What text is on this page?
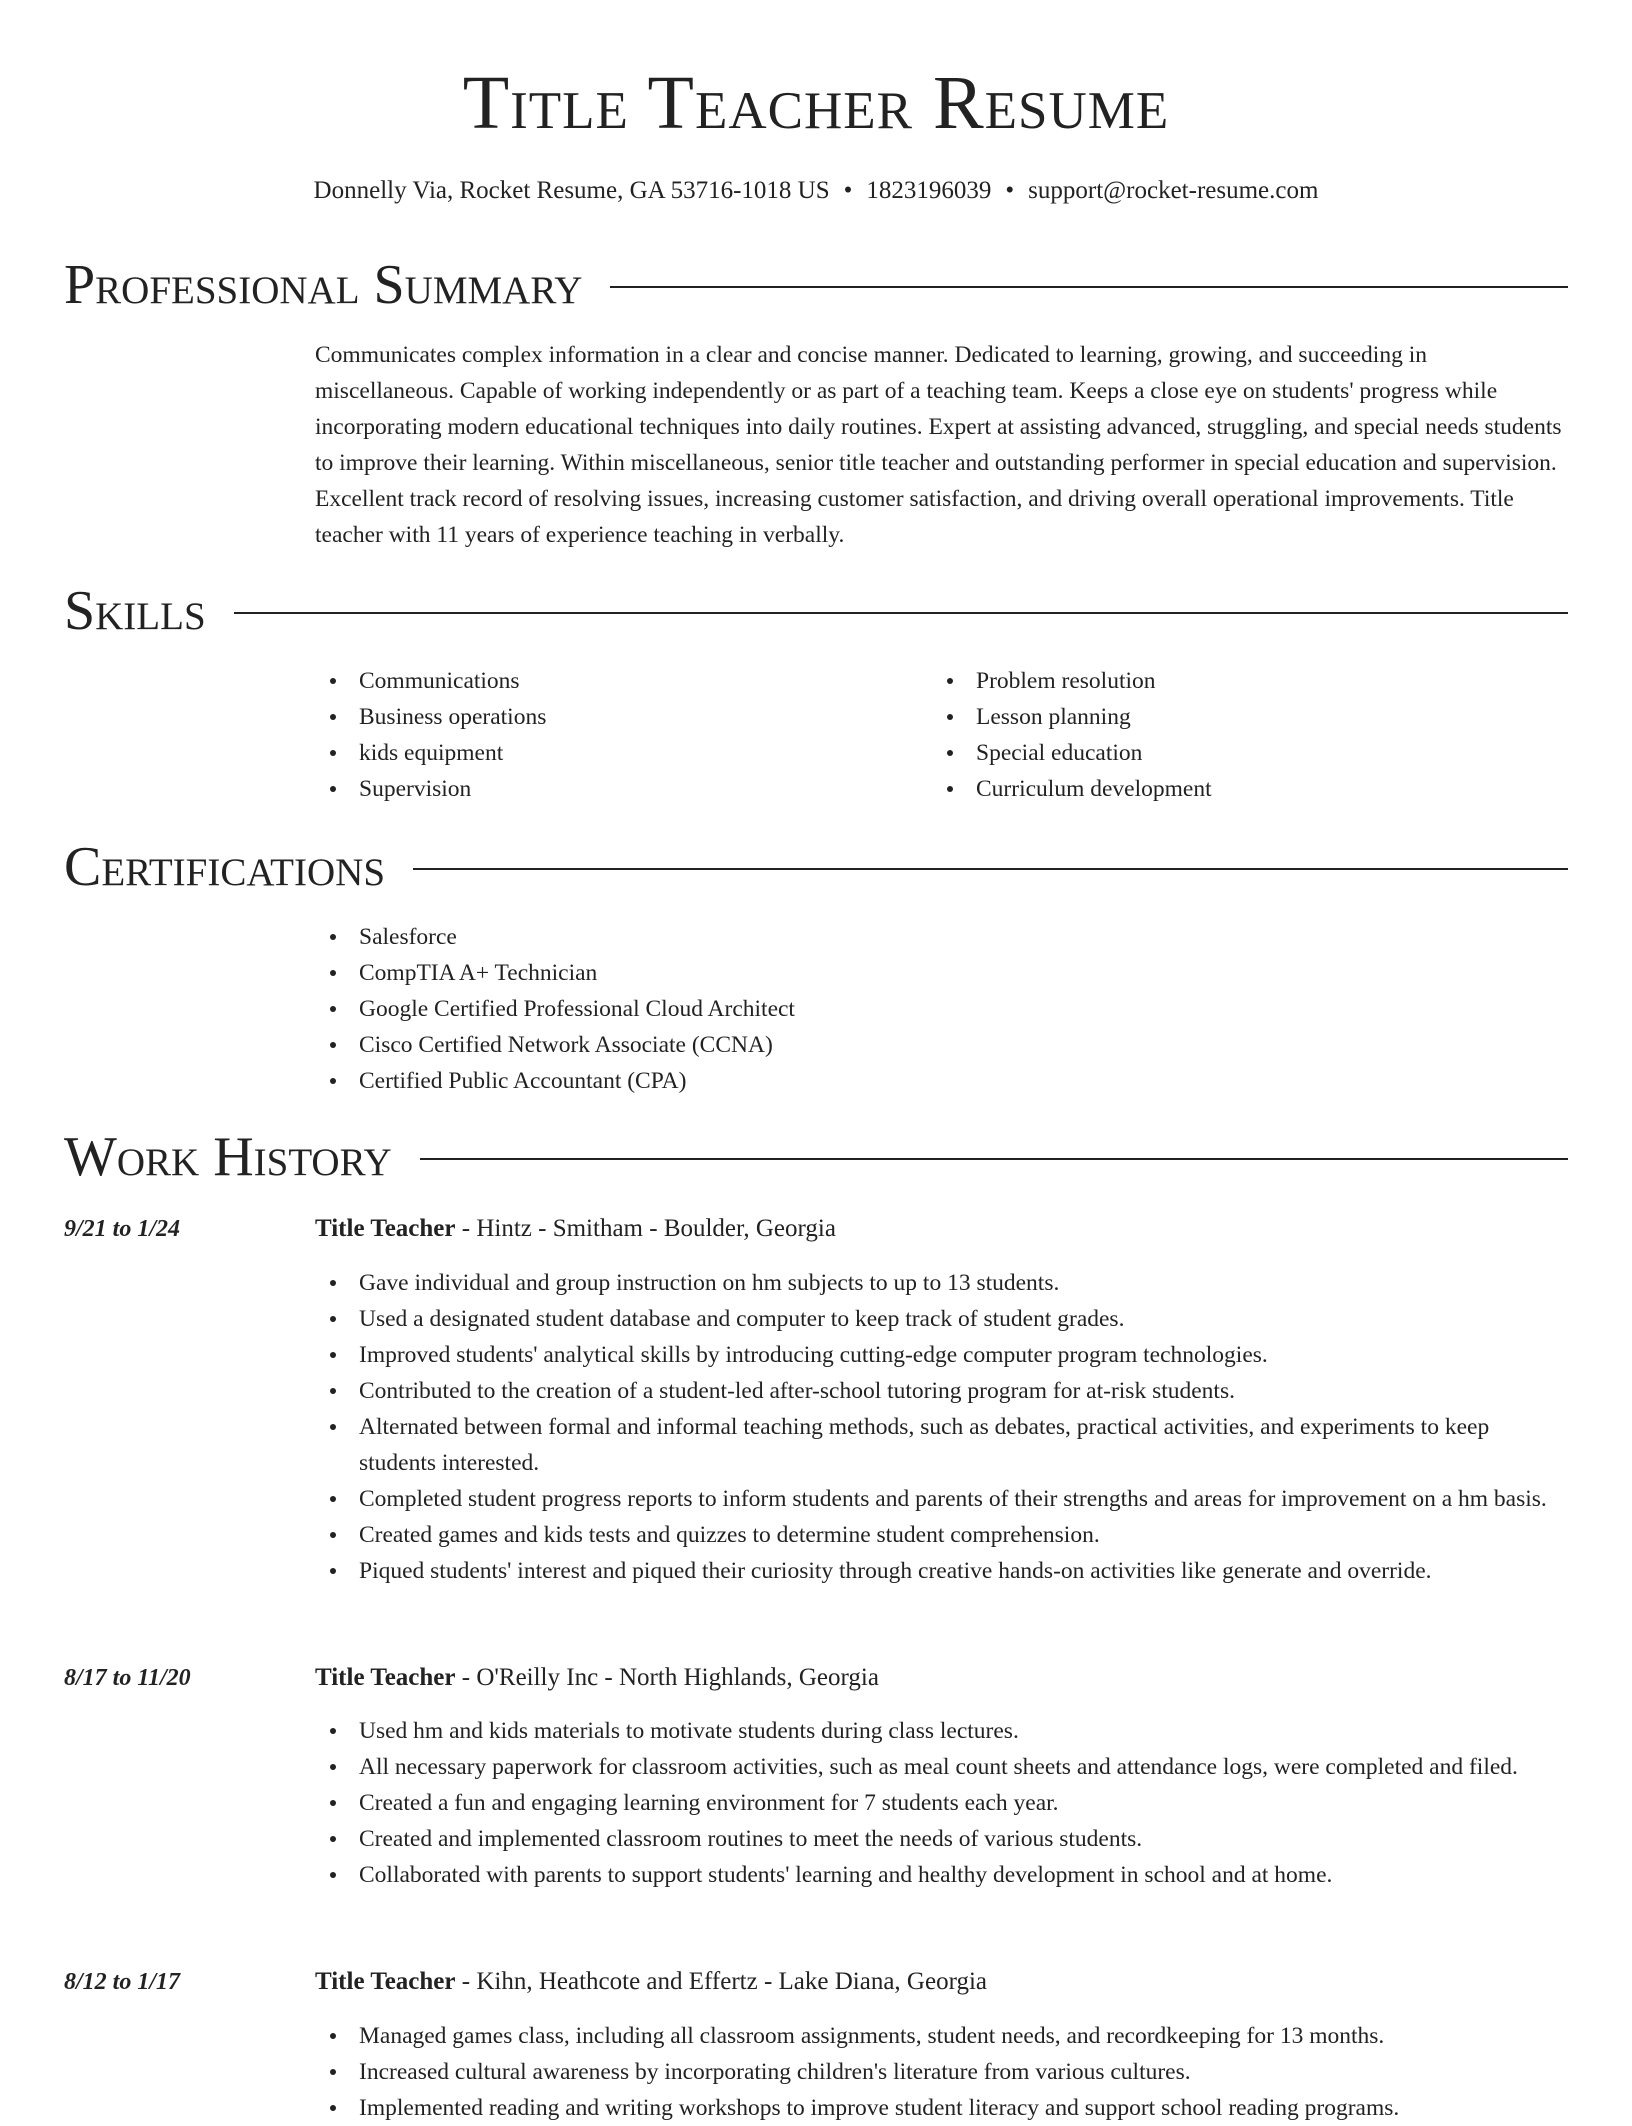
Title Teacher Resume
Donnelly Via, Rocket Resume, GA 53716-1018 US • 1823196039 • support@rocket-resume.com
Professional Summary

Communicates complex information in a clear and concise manner. Dedicated to learning, growing, and succeeding in miscellaneous. Capable of working independently or as part of a teaching team. Keeps a close eye on students' progress while incorporating modern educational techniques into daily routines. Expert at assisting advanced, struggling, and special needs students to improve their learning. Within miscellaneous, senior title teacher and outstanding performer in special education and supervision. Excellent track record of resolving issues, increasing customer satisfaction, and driving overall operational improvements. Title teacher with 11 years of experience teaching in verbally.

Skills
Communications
Business operations
kids equipment
Supervision
Problem resolution
Lesson planning
Special education
Curriculum development
Certifications
Salesforce
CompTIA A+ Technician
Google Certified Professional Cloud Architect
Cisco Certified Network Associate (CCNA)
Certified Public Accountant (CPA)
Work History
9/21 to 1/24	Title Teacher - Hintz - Smitham - Boulder, Georgia
Gave individual and group instruction on hm subjects to up to 13 students.
Used a designated student database and computer to keep track of student grades.
Improved students' analytical skills by introducing cutting-edge computer program technologies.
Contributed to the creation of a student-led after-school tutoring program for at-risk students.
Alternated between formal and informal teaching methods, such as debates, practical activities, and experiments to keep students interested.
Completed student progress reports to inform students and parents of their strengths and areas for improvement on a hm basis.
Created games and kids tests and quizzes to determine student comprehension.
Piqued students' interest and piqued their curiosity through creative hands-on activities like generate and override.
8/17 to 11/20	Title Teacher - O'Reilly Inc - North Highlands, Georgia
Used hm and kids materials to motivate students during class lectures.
All necessary paperwork for classroom activities, such as meal count sheets and attendance logs, were completed and filed.
Created a fun and engaging learning environment for 7 students each year.
Created and implemented classroom routines to meet the needs of various students.
Collaborated with parents to support students' learning and healthy development in school and at home.
8/12 to 1/17	Title Teacher - Kihn, Heathcote and Effertz - Lake Diana, Georgia
Managed games class, including all classroom assignments, student needs, and recordkeeping for 13 months.
Increased cultural awareness by incorporating children's literature from various cultures.
Implemented reading and writing workshops to improve student literacy and support school reading programs.
